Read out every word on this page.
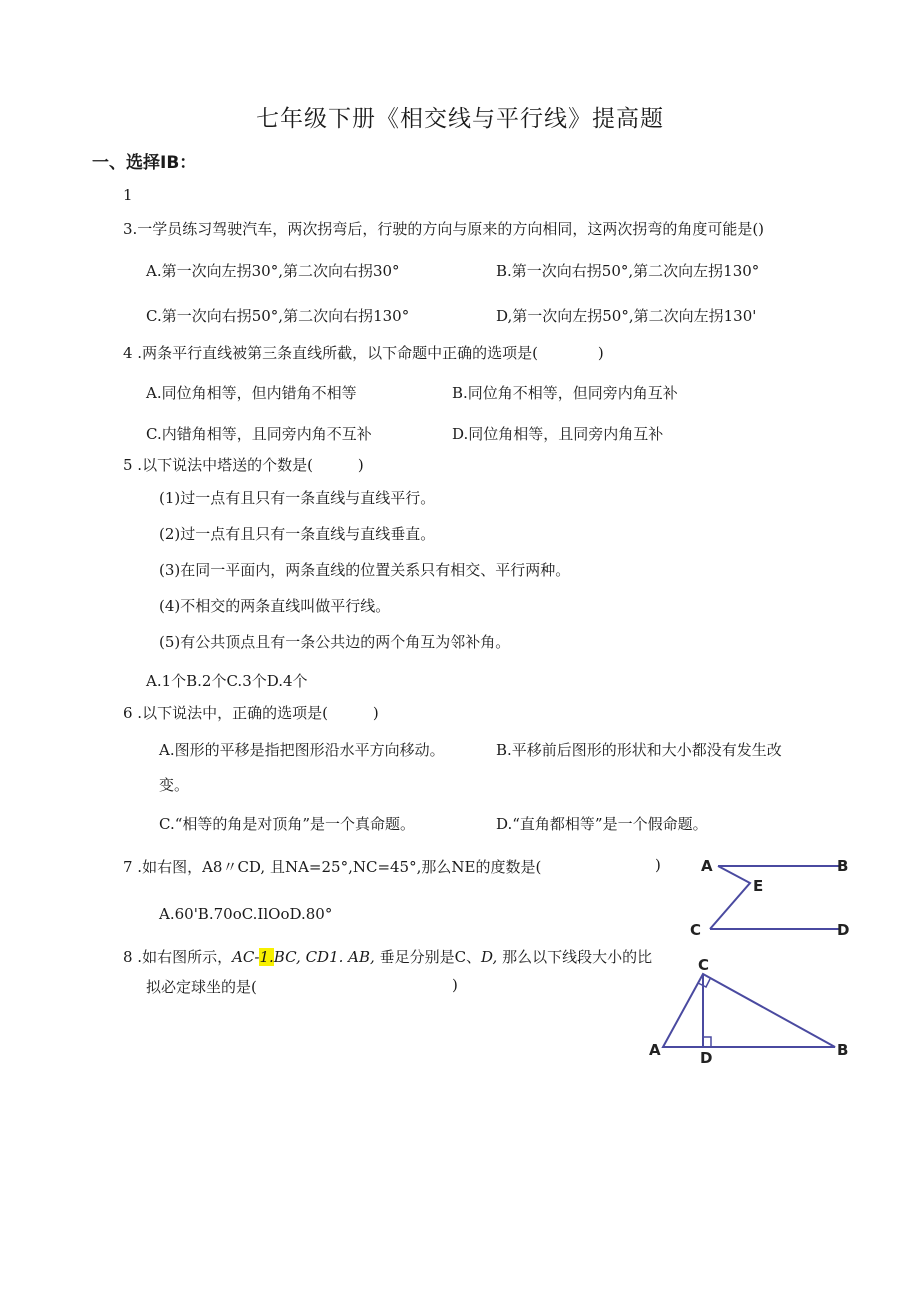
七年级下册《相交线与平行线》提高题
一、选择IB：
1
3.一学员练习驾驶汽车，两次拐弯后，行驶的方向与原来的方向相同，这两次拐弯的角度可能是()
A.第一次向左拐30°,第二次向右拐30°	B.第一次向右拐50°,第二次向左拐130°
C.第一次向右拐50°,第二次向右拐130°	D,第一次向左拐50°,第二次向左拐130'
4 .两条平行直线被第三条直线所截，以下命题中正确的选项是(　　　　)
A.同位角相等，但内错角不相等	B.同位角不相等，但同旁内角互补
C.内错角相等，且同旁内角不互补	D.同位角相等，且同旁内角互补
5 .以下说法中塔送的个数是(　　　)
(1)过一点有且只有一条直线与直线平行。
(2)过一点有且只有一条直线与直线垂直。
(3)在同一平面内，两条直线的位置关系只有相交、平行两种。
(4)不相交的两条直线叫做平行线。
(5)有公共顶点且有一条公共边的两个角互为邻补角。
A.1个B.2个C.3个D.4个
6 .以下说法中，正确的选项是(　　　)
A.图形的平移是指把图形沿水平方向移动。	B.平移前后图形的形状和大小都没有发生改
变。
C.“相等的角是对顶角”是一个真命题。	D.“直角都相等”是一个假命题。
7 .如右图，A8〃CD, 且NA=25°,NC=45°,那么NE的度数是(	)
A.60'B.70oC.IlOoD.80°
8 .如右图所示，AC-1.BC, CD1. AB, 垂足分别是C、D, 那么以下线段大小的比
拟必定球坐的是(	)
A	B
E
C	D
C
A	D	B
